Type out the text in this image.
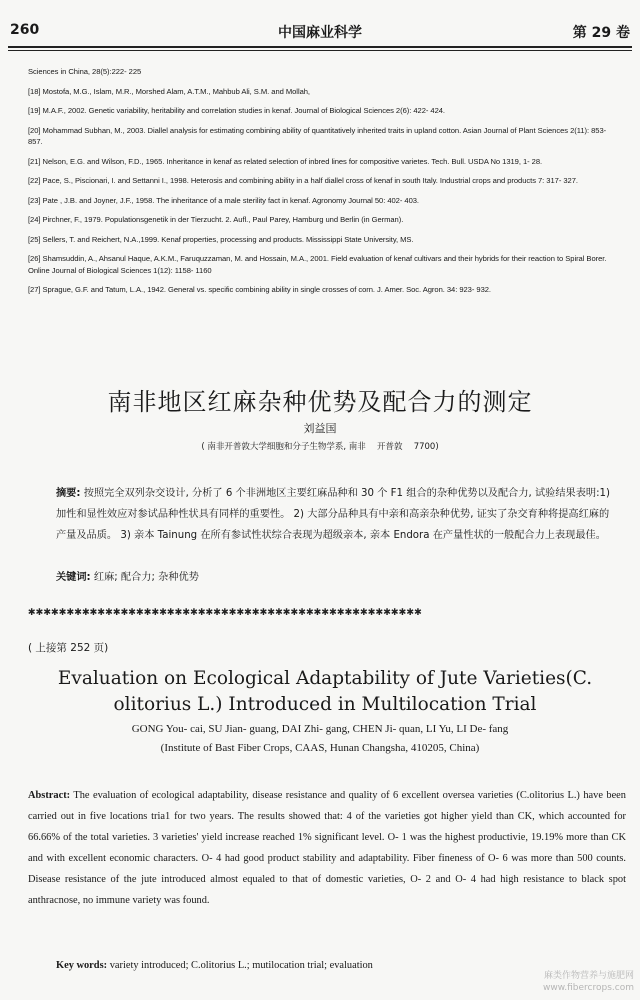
260	中国麻业科学	第 29 卷
Sciences in China, 28(5):222- 225
[18] Mostofa, M.G., Islam, M.R., Morshed Alam, A.T.M., Mahbub Ali, S.M. and Mollah,
[19] M.A.F., 2002. Genetic variability, heritability and correlation studies in kenaf. Journal of Biological Sciences 2(6): 422- 424.
[20] Mohammad Subhan, M., 2003. Diallel analysis for estimating combining ability of quantitatively inherited traits in upland cotton. Asian Journal of Plant Sciences 2(11): 853- 857.
[21] Nelson, E.G. and Wilson, F.D., 1965. Inheritance in kenaf as related selection of inbred lines for compositive varietes. Tech. Bull. USDA No 1319, 1- 28.
[22] Pace, S., Piscionari, I. and Settanni I., 1998. Heterosis and combining ability in a half diallel cross of kenaf in south Italy. Industrial crops and products 7: 317- 327.
[23] Pate , J.B. and Joyner, J.F., 1958. The inheritance of a male sterility fact in kenaf. Agronomy Journal 50: 402- 403.
[24] Pirchner, F., 1979. Populationsgenetik in der Tierzucht. 2. Aufl., Paul Parey, Hamburg und Berlin (in German).
[25] Sellers, T. and Reichert, N.A.,1999. Kenaf properties, processing and products. Mississippi State University, MS.
[26] Shamsuddin, A., Ahsanul Haque, A.K.M., Faruquzzaman, M. and Hossain, M.A., 2001. Field evaluation of kenaf cultivars and their hybrids for their reaction to Spiral Borer. Online Journal of Biological Sciences 1(12): 1158- 1160
[27] Sprague, G.F. and Tatum, L.A., 1942. General vs. specific combining ability in single crosses of corn. J. Amer. Soc. Agron. 34: 923- 932.
南非地区红麻杂种优势及配合力的测定
刘益国
( 南非开普敦大学细胞和分子生物学系, 南非 　开普敦 　7700)
摘要: 按照完全双列杂交设计, 分析了 6 个非洲地区主要红麻品种和 30 个 F1 组合的杂种优势以及配合力, 试验结果表明:1)加性和显性效应对参试品种性状具有同样的重要性。 2) 大部分品种具有中亲和高亲杂种优势, 证实了杂交育种将提高红麻的产量及品质。 3) 亲本 Tainung 在所有参试性状综合表现为超级亲本, 亲本 Endora 在产量性状的一般配合力上表现最佳。
关键词: 红麻; 配合力; 杂种优势
✱✱✱✱✱✱✱✱✱✱✱✱✱✱✱✱✱✱✱✱✱✱✱✱✱✱✱✱✱✱✱✱✱✱✱✱✱✱✱✱✱✱✱✱✱✱✱✱✱✱✱
( 上接第 252 页)
Evaluation on Ecological Adaptability of Jute Varieties(C. olitorius L.) Introduced in Multilocation Trial
GONG You- cai, SU Jian- guang, DAI Zhi- gang, CHEN Ji- quan, LI Yu, LI De- fang
(Institute of Bast Fiber Crops, CAAS, Hunan Changsha, 410205, China)
Abstract: The evaluation of ecological adaptability, disease resistance and quality of 6 excellent oversea varieties (C.olitorius L.) have been carried out in five locations tria1 for two years. The results showed that: 4 of the varieties got higher yield than CK, which accounted for 66.66% of the total varieties. 3 varieties' yield increase reached 1% significant level. O- 1 was the highest productivie, 19.19% more than CK and with excellent economic characters. O- 4 had good product stability and adaptability. Fiber fineness of O- 6 was more than 500 counts. Disease resistance of the jute introduced almost equaled to that of domestic varieties, O- 2 and O- 4 had high resistance to black spot anthracnose, no immune variety was found.
Key words: variety introduced; C.olitorius L.; mutilocation trial; evaluation
麻类作物营养与施肥网
www.fibercrops.com
